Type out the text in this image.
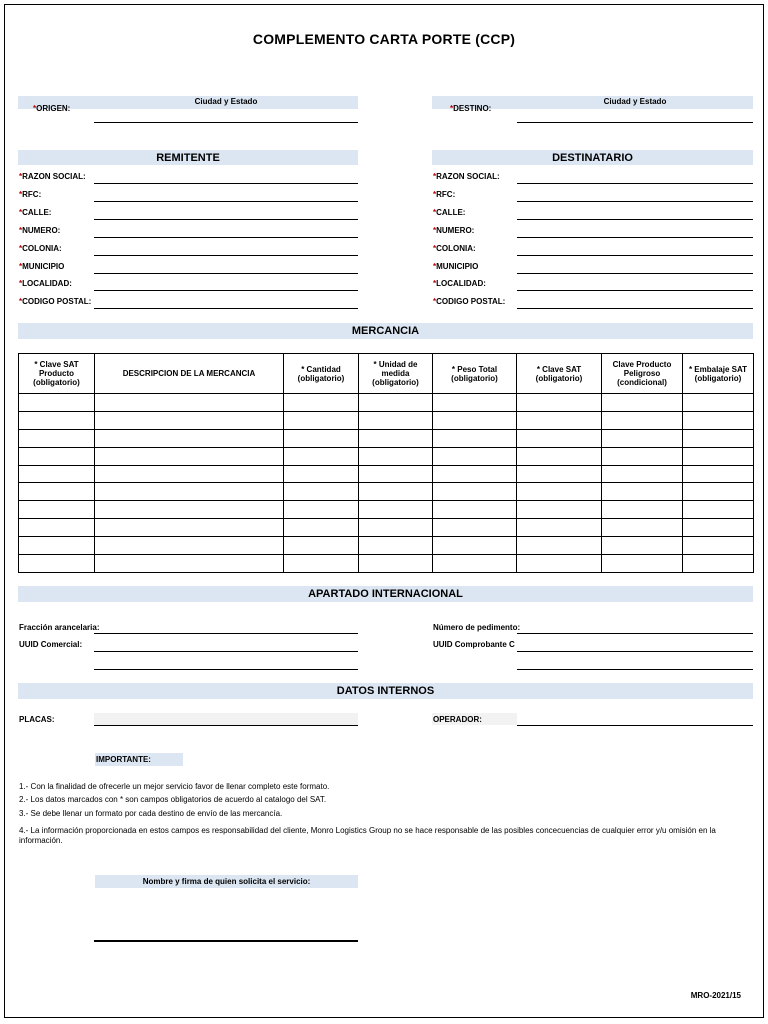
COMPLEMENTO CARTA PORTE (CCP)
Ciudad y Estado
*ORIGEN:
Ciudad y Estado
*DESTINO:
REMITENTE	DESTINATARIO
*RAZON SOCIAL:
*RFC:
*CALLE:
*NUMERO:
*COLONIA:
*MUNICIPIO
*LOCALIDAD:
*CODIGO POSTAL:
*RAZON SOCIAL:
*RFC:
*CALLE:
*NUMERO:
*COLONIA:
*MUNICIPIO
*LOCALIDAD:
*CODIGO POSTAL:
MERCANCIA
* Clave SAT Producto (obligatorio)	DESCRIPCION DE LA MERCANCIA	* Cantidad (obligatorio)	* Unidad de medida (obligatorio)	* Peso Total (obligatorio)	* Clave SAT (obligatorio)	Clave Producto Peligroso (condicional)	* Embalaje SAT (obligatorio)

APARTADO INTERNACIONAL
Fracción arancelaria:
UUID Comercial:
Número de pedimento:
UUID Comprobante C
DATOS INTERNOS
PLACAS:	OPERADOR:
IMPORTANTE:
1.- Con la finalidad de ofrecerle un mejor servicio favor de llenar completo este formato.
2.- Los datos marcados con * son campos obligatorios de acuerdo al catalogo del SAT.
3.- Se debe llenar un formato por cada destino de envío de las mercancía.
4.- La información proporcionada en estos campos es responsabilidad del cliente, Monro Logistics Group no se hace responsable de las posibles concecuencias de cualquier error y/u omisión en la información.
Nombre y firma de quien solicita el servicio:
MRO-2021/15
